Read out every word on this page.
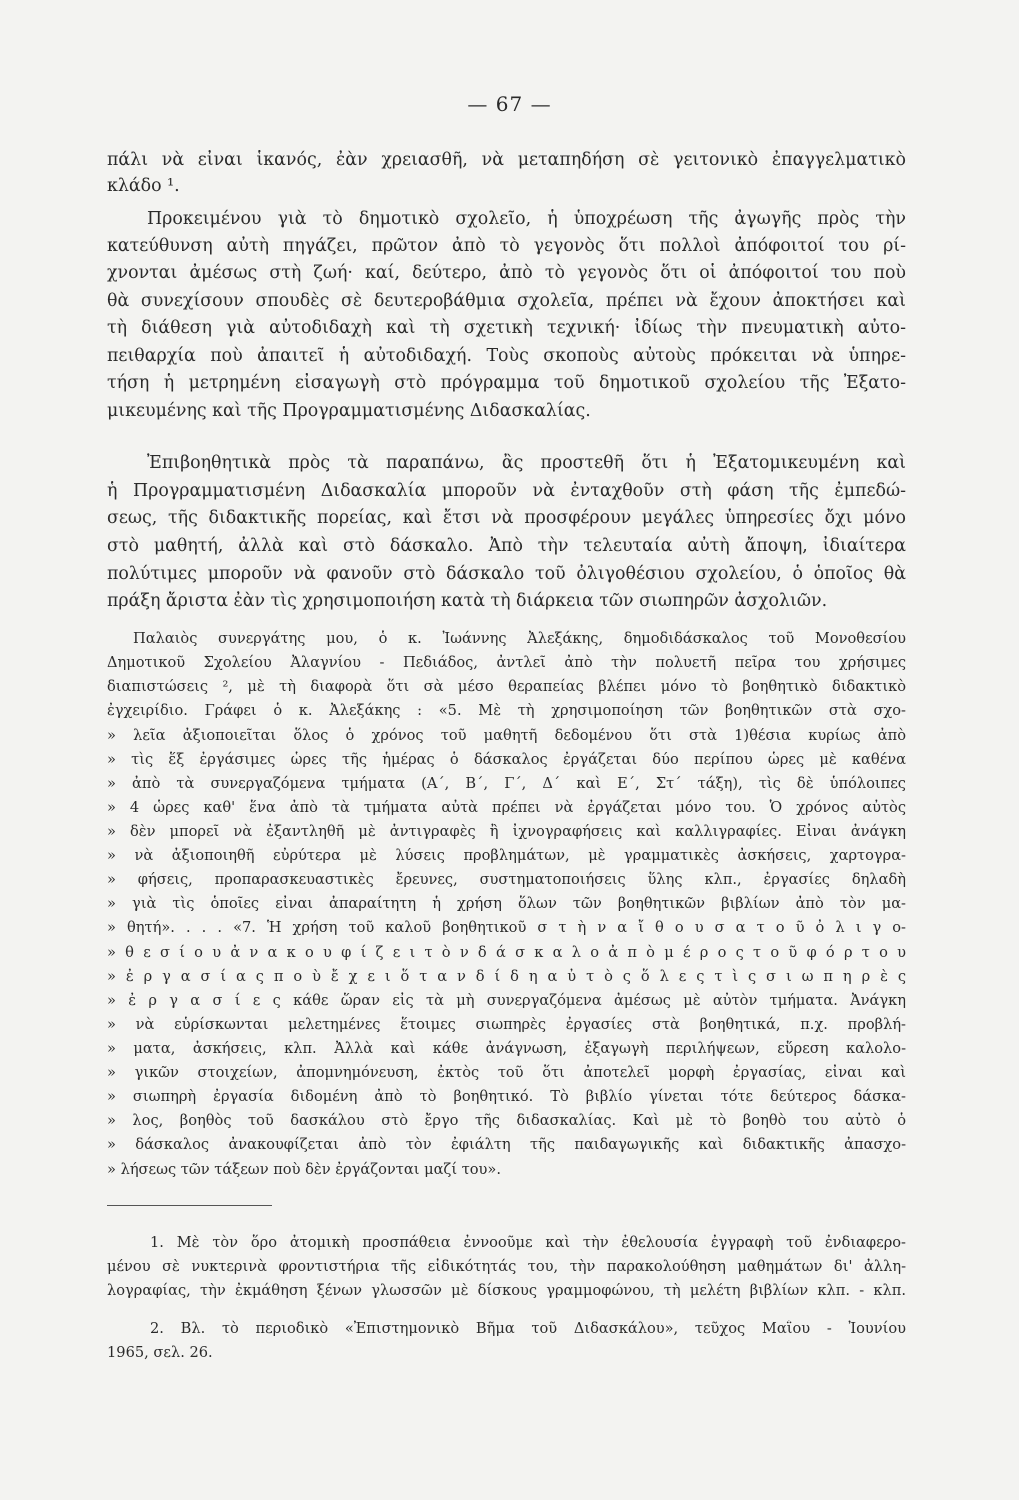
— 67 —
πάλι νὰ εἶναι ἱκανός, ἐὰν χρειασθῆ, νὰ μεταπηδήση σὲ γειτονικὸ ἐπαγγελματικὸ
κλάδο ¹.
Προκειμένου γιὰ τὸ δημοτικὸ σχολεῖο, ἡ ὑποχρέωση τῆς ἀγωγῆς πρὸς τὴν
κατεύθυνση αὐτὴ πηγάζει, πρῶτον ἀπὸ τὸ γεγονὸς ὅτι πολλοὶ ἀπόφοιτοί του ρί-
χνονται ἀμέσως στὴ ζωή· καί, δεύτερο, ἀπὸ τὸ γεγονὸς ὅτι οἱ ἀπόφοιτοί του ποὺ
θὰ συνεχίσουν σπουδὲς σὲ δευτεροβάθμια σχολεῖα, πρέπει νὰ ἔχουν ἀποκτήσει καὶ
τὴ διάθεση γιὰ αὐτοδιδαχὴ καὶ τὴ σχετικὴ τεχνική· ἰδίως τὴν πνευματικὴ αὐτο-
πειθαρχία ποὺ ἀπαιτεῖ ἡ αὐτοδιδαχή. Τοὺς σκοποὺς αὐτοὺς πρόκειται νὰ ὑπηρε-
τήση ἡ μετρημένη εἰσαγωγὴ στὸ πρόγραμμα τοῦ δημοτικοῦ σχολείου τῆς Ἐξατο-
μικευμένης καὶ τῆς Προγραμματισμένης Διδασκαλίας.
Ἐπιβοηθητικὰ πρὸς τὰ παραπάνω, ἂς προστεθῆ ὅτι ἡ Ἐξατομικευμένη καὶ
ἡ Προγραμματισμένη Διδασκαλία μποροῦν νὰ ἐνταχθοῦν στὴ φάση τῆς ἐμπεδώ-
σεως, τῆς διδακτικῆς πορείας, καὶ ἔτσι νὰ προσφέρουν μεγάλες ὑπηρεσίες ὄχι μόνο
στὸ μαθητή, ἀλλὰ καὶ στὸ δάσκαλο. Ἀπὸ τὴν τελευταία αὐτὴ ἄποψη, ἰδιαίτερα
πολύτιμες μποροῦν νὰ φανοῦν στὸ δάσκαλο τοῦ ὀλιγοθέσιου σχολείου, ὁ ὁποῖος θὰ
πράξη ἄριστα ἐὰν τὶς χρησιμοποιήση κατὰ τὴ διάρκεια τῶν σιωπηρῶν ἀσχολιῶν.
Παλαιὸς συνεργάτης μου, ὁ κ. Ἰωάννης Ἀλεξάκης, δημοδιδάσκαλος τοῦ Μονοθεσίου
Δημοτικοῦ Σχολείου Ἀλαγνίου - Πεδιάδος, ἀντλεῖ ἀπὸ τὴν πολυετῆ πεῖρα του χρήσιμες
διαπιστώσεις ², μὲ τὴ διαφορὰ ὅτι σὰ μέσο θεραπείας βλέπει μόνο τὸ βοηθητικὸ διδακτικὸ
ἐγχειρίδιο. Γράφει ὁ κ. Ἀλεξάκης : «5. Μὲ τὴ χρησιμοποίηση τῶν βοηθητικῶν στὰ σχο-
» λεῖα ἀξιοποιεῖται ὅλος ὁ χρόνος τοῦ μαθητῆ δεδομένου ὅτι στὰ 1)θέσια κυρίως ἀπὸ
» τὶς ἕξ ἐργάσιμες ὧρες τῆς ἡμέρας ὁ δάσκαλος ἐργάζεται δύο περίπου ὧρες μὲ καθένα
» ἀπὸ τὰ συνεργαζόμενα τμήματα (Α΄, Β΄, Γ΄, Δ΄ καὶ Ε΄, Στ΄ τάξη), τὶς δὲ ὑπόλοιπες
» 4 ὧρες καθ' ἕνα ἀπὸ τὰ τμήματα αὐτὰ πρέπει νὰ ἐργάζεται μόνο του. Ὁ χρόνος αὐτὸς
» δὲν μπορεῖ νὰ ἐξαντληθῆ μὲ ἀντιγραφὲς ἢ ἰχνογραφήσεις καὶ καλλιγραφίες. Εἶναι ἀνάγκη
» νὰ ἀξιοποιηθῆ εὐρύτερα μὲ λύσεις προβλημάτων, μὲ γραμματικὲς ἀσκήσεις, χαρτογρα-
» φήσεις, προπαρασκευαστικὲς ἔρευνες, συστηματοποιήσεις ὕλης κλπ., ἐργασίες δηλαδὴ
» γιὰ τὶς ὁποῖες εἶναι ἀπαραίτητη ἡ χρήση ὅλων τῶν βοηθητικῶν βιβλίων ἀπὸ τὸν μα-
» θητή». . . . «7. Ἡ χρήση τοῦ καλοῦ βοηθητικοῦ σ τ ὴ ν α ἴ θ ο υ σ α τ ο ῦ ὀ λ ι γ ο-
» θ ε σ ί ο υ ἀ ν α κ ο υ φ ί ζ ε ι τ ὸ ν δ ά σ κ α λ ο ἀ π ὸ μ έ ρ ο ς τ ο ῦ φ ό ρ τ ο υ
» ἐ ρ γ α σ ί α ς π ο ὺ ἔ χ ε ι ὅ τ α ν δ ί δ η α ὐ τ ὸ ς ὅ λ ε ς τ ὶ ς σ ι ω π η ρ ὲ ς
» ἐ ρ γ α σ ί ε ς κάθε ὥραν εἰς τὰ μὴ συνεργαζόμενα ἀμέσως μὲ αὐτὸν τμήματα. Ἀνάγκη
» νὰ εὑρίσκωνται μελετημένες ἕτοιμες σιωπηρὲς ἐργασίες στὰ βοηθητικά, π.χ. προβλή-
» ματα, ἀσκήσεις, κλπ. Ἀλλὰ καὶ κάθε ἀνάγνωση, ἐξαγωγὴ περιλήψεων, εὕρεση καλολο-
» γικῶν στοιχείων, ἀπομνημόνευση, ἐκτὸς τοῦ ὅτι ἀποτελεῖ μορφὴ ἐργασίας, εἶναι καὶ
» σιωπηρὴ ἐργασία διδομένη ἀπὸ τὸ βοηθητικό. Τὸ βιβλίο γίνεται τότε δεύτερος δάσκα-
» λος, βοηθὸς τοῦ δασκάλου στὸ ἔργο τῆς διδασκαλίας. Καὶ μὲ τὸ βοηθὸ του αὐτὸ ὁ
» δάσκαλος ἀνακουφίζεται ἀπὸ τὸν ἐφιάλτη τῆς παιδαγωγικῆς καὶ διδακτικῆς ἀπασχο-
» λήσεως τῶν τάξεων ποὺ δὲν ἐργάζονται μαζί του».
1. Μὲ τὸν ὅρο ἀτομικὴ προσπάθεια ἐννοοῦμε καὶ τὴν ἐθελουσία ἐγγραφὴ τοῦ ἐνδιαφερο-
μένου σὲ νυκτερινὰ φροντιστήρια τῆς εἰδικότητάς του, τὴν παρακολούθηση μαθημάτων δι' ἀλλη-
λογραφίας, τὴν ἐκμάθηση ξένων γλωσσῶν μὲ δίσκους γραμμοφώνου, τὴ μελέτη βιβλίων κλπ. - κλπ.
2. Βλ. τὸ περιοδικὸ «Ἐπιστημονικὸ Βῆμα τοῦ Διδασκάλου», τεῦχος Μαΐου - Ἰουνίου
1965, σελ. 26.
